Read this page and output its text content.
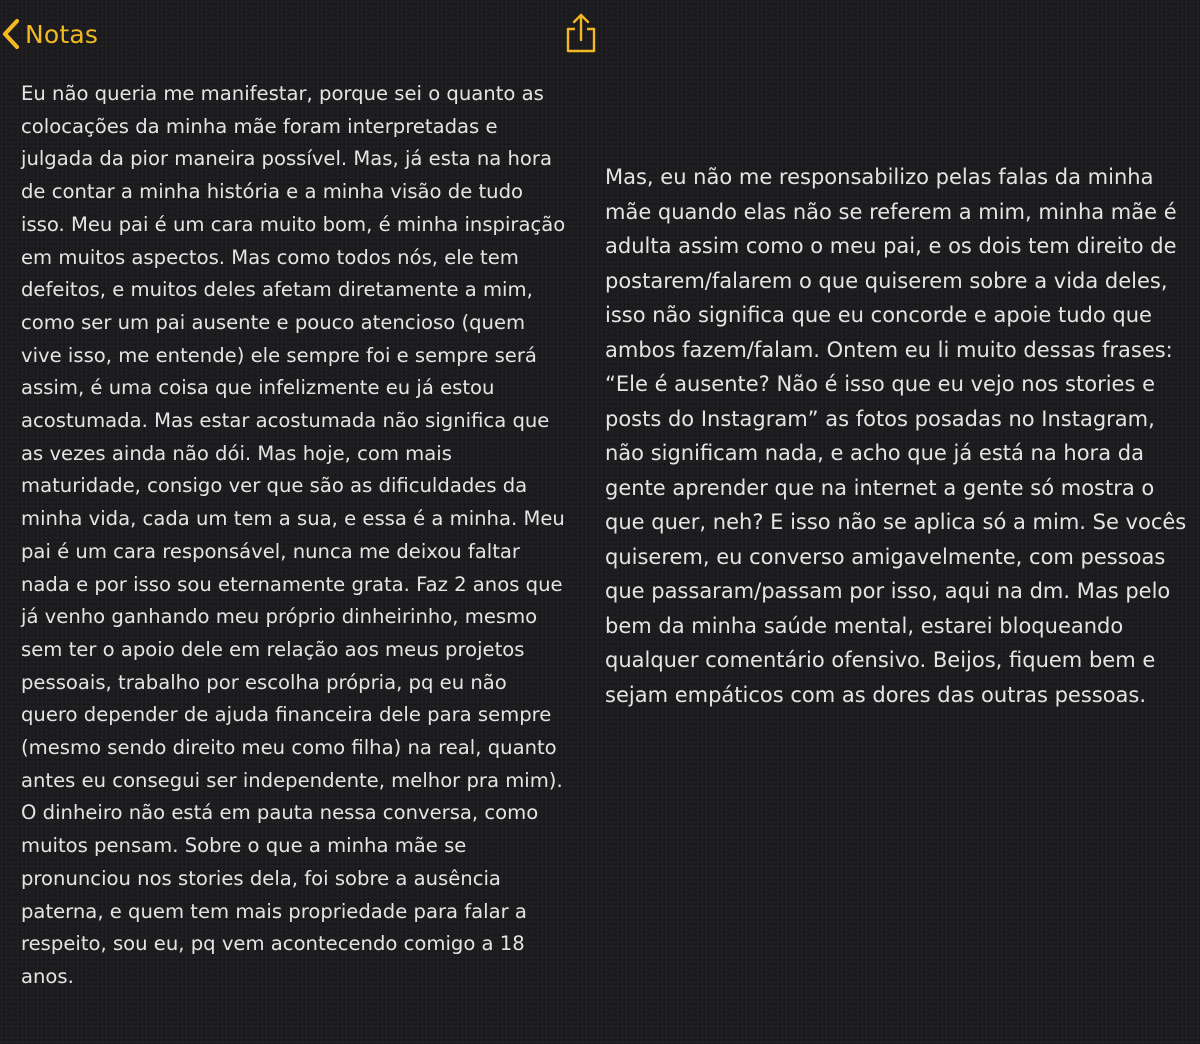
Notas
Eu não queria me manifestar, porque sei o quanto as
colocações da minha mãe foram interpretadas e
julgada da pior maneira possível. Mas, já esta na hora
de contar a minha história e a minha visão de tudo
isso. Meu pai é um cara muito bom, é minha inspiração
em muitos aspectos. Mas como todos nós, ele tem
defeitos, e muitos deles afetam diretamente a mim,
como ser um pai ausente e pouco atencioso (quem
vive isso, me entende) ele sempre foi e sempre será
assim, é uma coisa que infelizmente eu já estou
acostumada. Mas estar acostumada não significa que
as vezes ainda não dói. Mas hoje, com mais
maturidade, consigo ver que são as dificuldades da
minha vida, cada um tem a sua, e essa é a minha. Meu
pai é um cara responsável, nunca me deixou faltar
nada e por isso sou eternamente grata. Faz 2 anos que
já venho ganhando meu próprio dinheirinho, mesmo
sem ter o apoio dele em relação aos meus projetos
pessoais, trabalho por escolha própria, pq eu não
quero depender de ajuda financeira dele para sempre
(mesmo sendo direito meu como filha) na real, quanto
antes eu consegui ser independente, melhor pra mim).
O dinheiro não está em pauta nessa conversa, como
muitos pensam. Sobre o que a minha mãe se
pronunciou nos stories dela, foi sobre a ausência
paterna, e quem tem mais propriedade para falar a
respeito, sou eu, pq vem acontecendo comigo a 18
anos.
Mas, eu não me responsabilizo pelas falas da minha
mãe quando elas não se referem a mim, minha mãe é
adulta assim como o meu pai, e os dois tem direito de
postarem/falarem o que quiserem sobre a vida deles,
isso não significa que eu concorde e apoie tudo que
ambos fazem/falam. Ontem eu li muito dessas frases:
“Ele é ausente? Não é isso que eu vejo nos stories e
posts do Instagram” as fotos posadas no Instagram,
não significam nada, e acho que já está na hora da
gente aprender que na internet a gente só mostra o
que quer, neh? E isso não se aplica só a mim. Se vocês
quiserem, eu converso amigavelmente, com pessoas
que passaram/passam por isso, aqui na dm. Mas pelo
bem da minha saúde mental, estarei bloqueando
qualquer comentário ofensivo. Beijos, fiquem bem e
sejam empáticos com as dores das outras pessoas.
